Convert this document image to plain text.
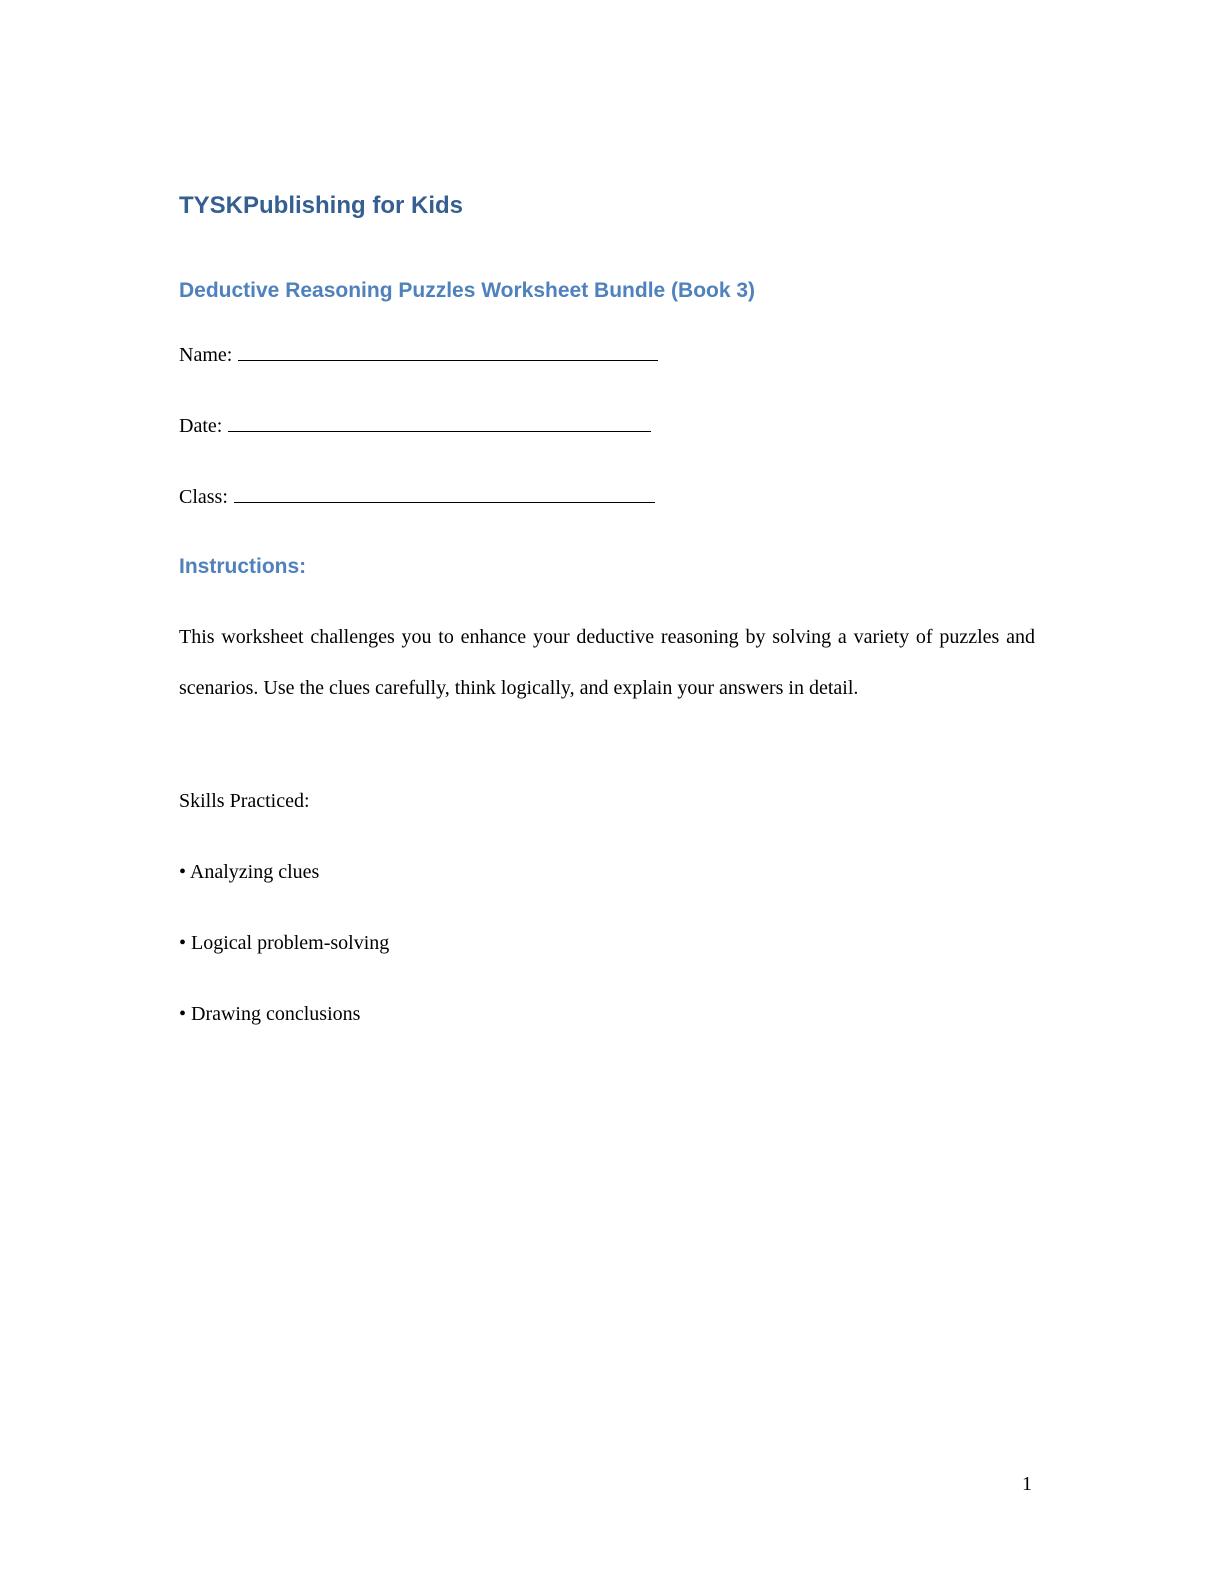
TYSKPublishing for Kids
Deductive Reasoning Puzzles Worksheet Bundle (Book 3)
Name:
Date:
Class:
Instructions:

This worksheet challenges you to enhance your deductive reasoning by solving a variety of puzzles and scenarios. Use the clues carefully, think logically, and explain your answers in detail.

Skills Practiced:

• Analyzing clues
• Logical problem-solving
• Drawing conclusions

1
